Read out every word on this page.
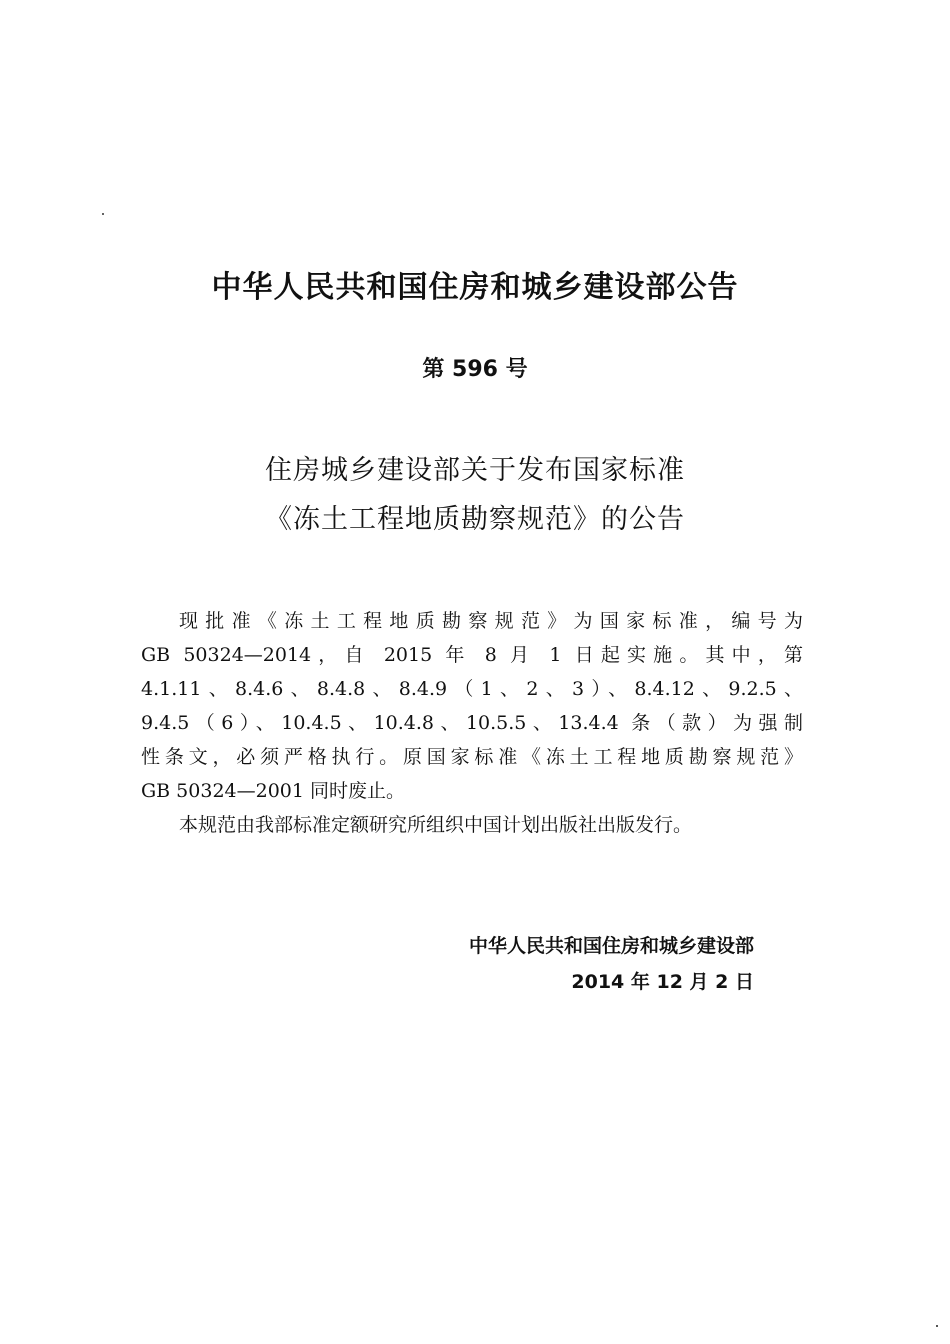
中华人民共和国住房和城乡建设部公告
第 596 号
住房城乡建设部关于发布国家标准
《冻土工程地质勘察规范》的公告

现批准《冻土工程地质勘察规范》为国家标准，编号为
GB 50324—2014，自 2015 年 8 月 1 日起实施。其中，第
4.1.11、8.4.6、8.4.8、8.4.9（1、2、3）、8.4.12、9.2.5、
9.4.5（6）、10.4.5、10.4.8、10.5.5、13.4.4 条（款）为强制
性条文，必须严格执行。原国家标准《冻土工程地质勘察规范》
GB 50324—2001 同时废止。

本规范由我部标准定额研究所组织中国计划出版社出版发行。

中华人民共和国住房和城乡建设部
2014 年 12 月 2 日
